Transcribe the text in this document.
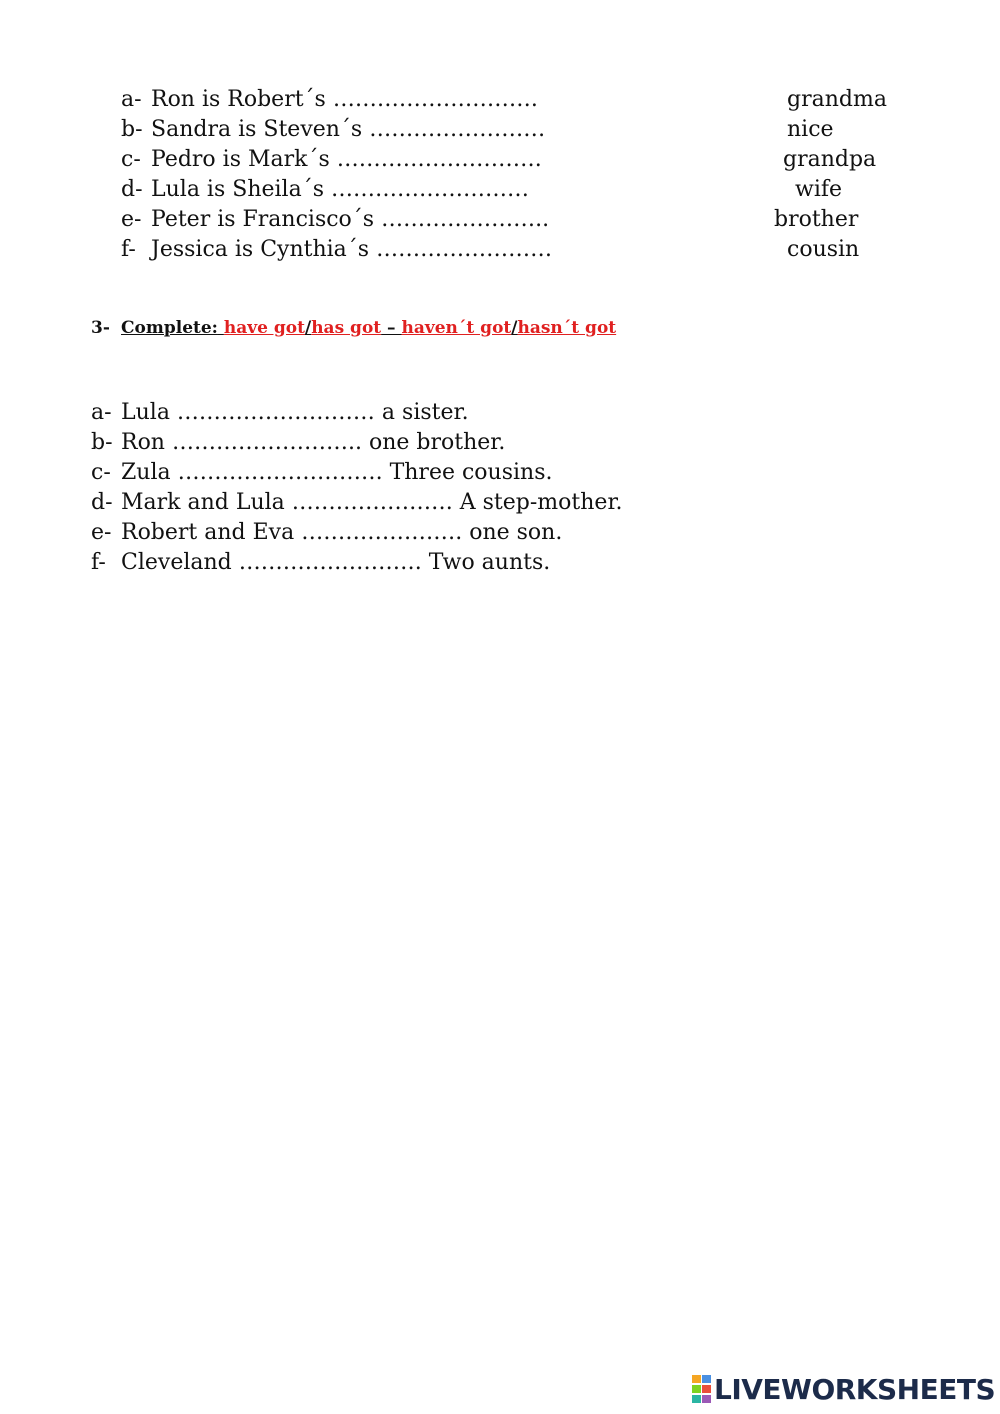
a- Ron is Robert´s ……………………….
b- Sandra is Steven´s ……………………
c- Pedro is Mark´s ……………………….
d- Lula is Sheila´s ………………………
e- Peter is Francisco´s …………………..
f- Jessica is Cynthia´s ……………………
grandma
nice
grandpa
wife
brother
cousin
3- Complete: have got/has got – haven´t got/hasn´t got
a- Lula ……………………… a sister.
b- Ron …………………….. one brother.
c- Zula ………………………. Three cousins.
d- Mark and Lula …………………. A step-mother.
e- Robert and Eva …………………. one son.
f- Cleveland ……………………. Two aunts.
LIVEWORKSHEETS
